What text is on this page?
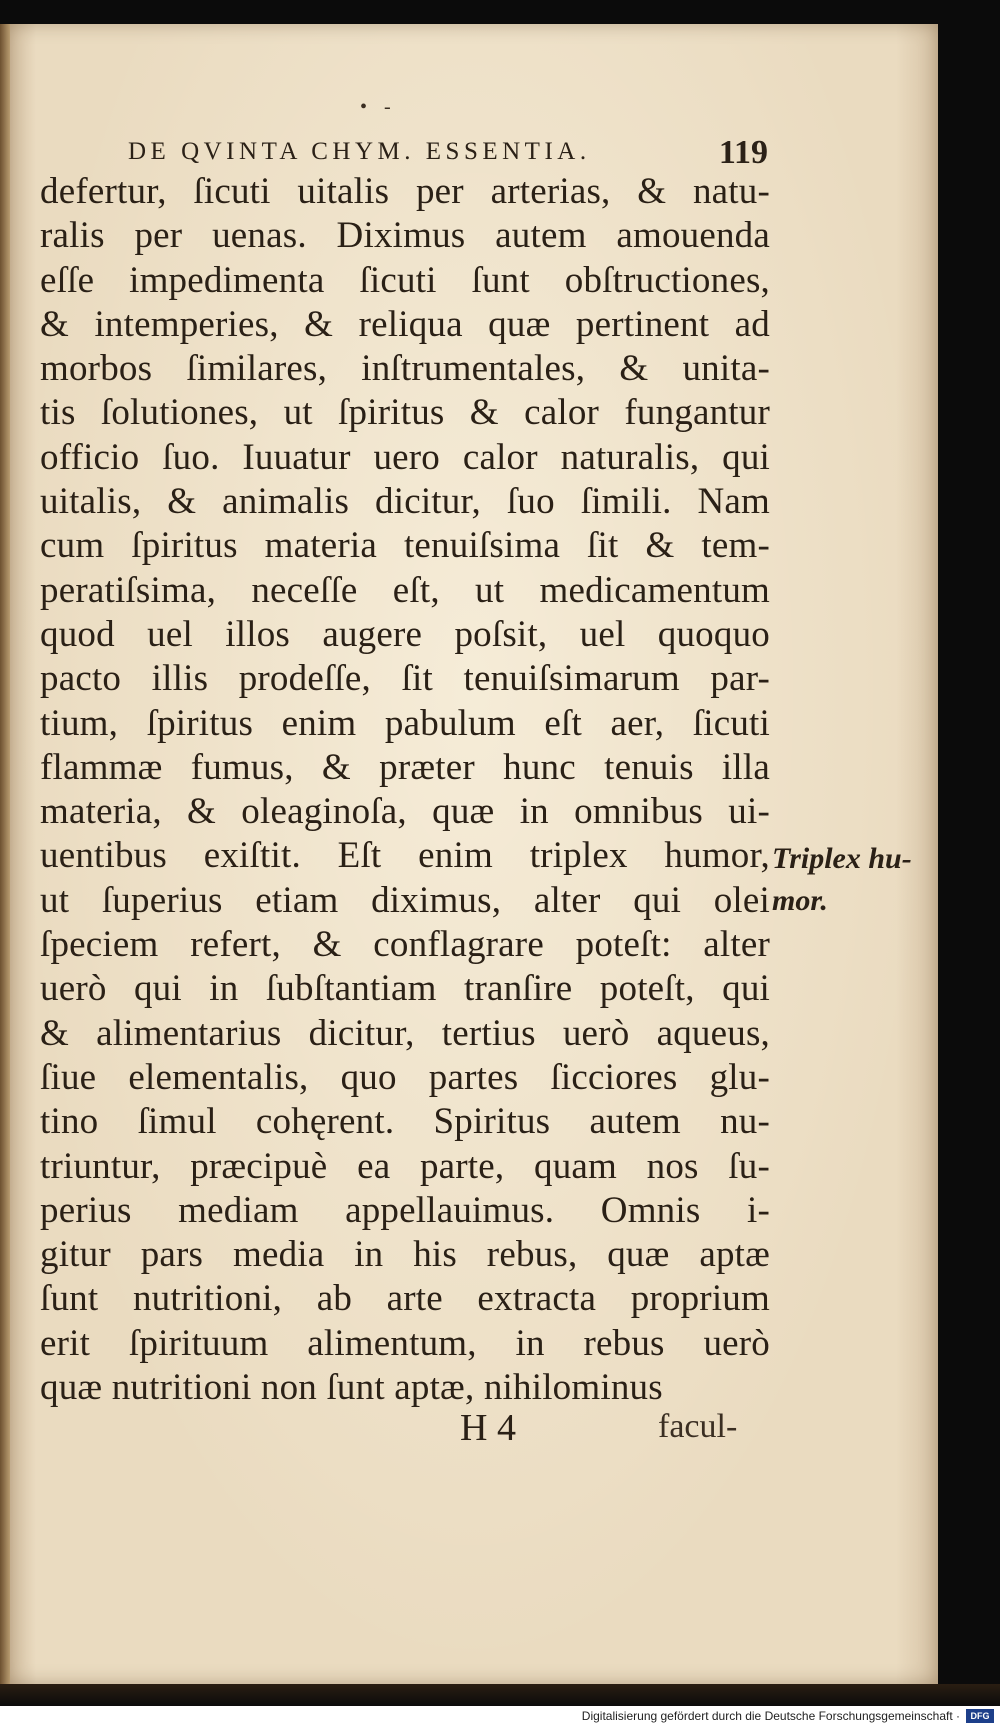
• -
DE QVINTA CHYM. ESSENTIA.	119
defertur, ſicuti uitalis per arterias, & natu-
ralis per uenas. Diximus autem amouenda
eſſe impedimenta ſicuti ſunt obſtructiones,
& intemperies, & reliqua quæ pertinent ad
morbos ſimilares, inſtrumentales, & unita-
tis ſolutiones, ut ſpiritus & calor fungantur
officio ſuo. Iuuatur uero calor naturalis, qui
uitalis, & animalis dicitur, ſuo ſimili. Nam
cum ſpiritus materia tenuiſsima ſit & tem-
peratiſsima, neceſſe eſt, ut medicamentum
quod uel illos augere poſsit, uel quoquo
pacto illis prodeſſe, ſit tenuiſsimarum par-
tium, ſpiritus enim pabulum eſt aer, ſicuti
flammæ fumus, & præter hunc tenuis illa
materia, & oleaginoſa, quæ in omnibus ui-
uentibus exiſtit. Eſt enim triplex humor,
ut ſuperius etiam diximus, alter qui olei
ſpeciem refert, & conflagrare poteſt: alter
uerò qui in ſubſtantiam tranſire poteſt, qui
& alimentarius dicitur, tertius uerò aqueus,
ſiue elementalis, quo partes ſicciores glu-
tino ſimul cohęrent. Spiritus autem nu-
triuntur, præcipuè ea parte, quam nos ſu-
perius mediam appellauimus. Omnis i-
gitur pars media in his rebus, quæ aptæ
ſunt nutritioni, ab arte extracta proprium
erit ſpirituum alimentum, in rebus uerò
quæ nutritioni non ſunt aptæ, nihilominus
Triplex hu-
mor.
H 4	facul-
Digitalisierung gefördert durch die Deutsche Forschungsgemeinschaft ·	DFG
